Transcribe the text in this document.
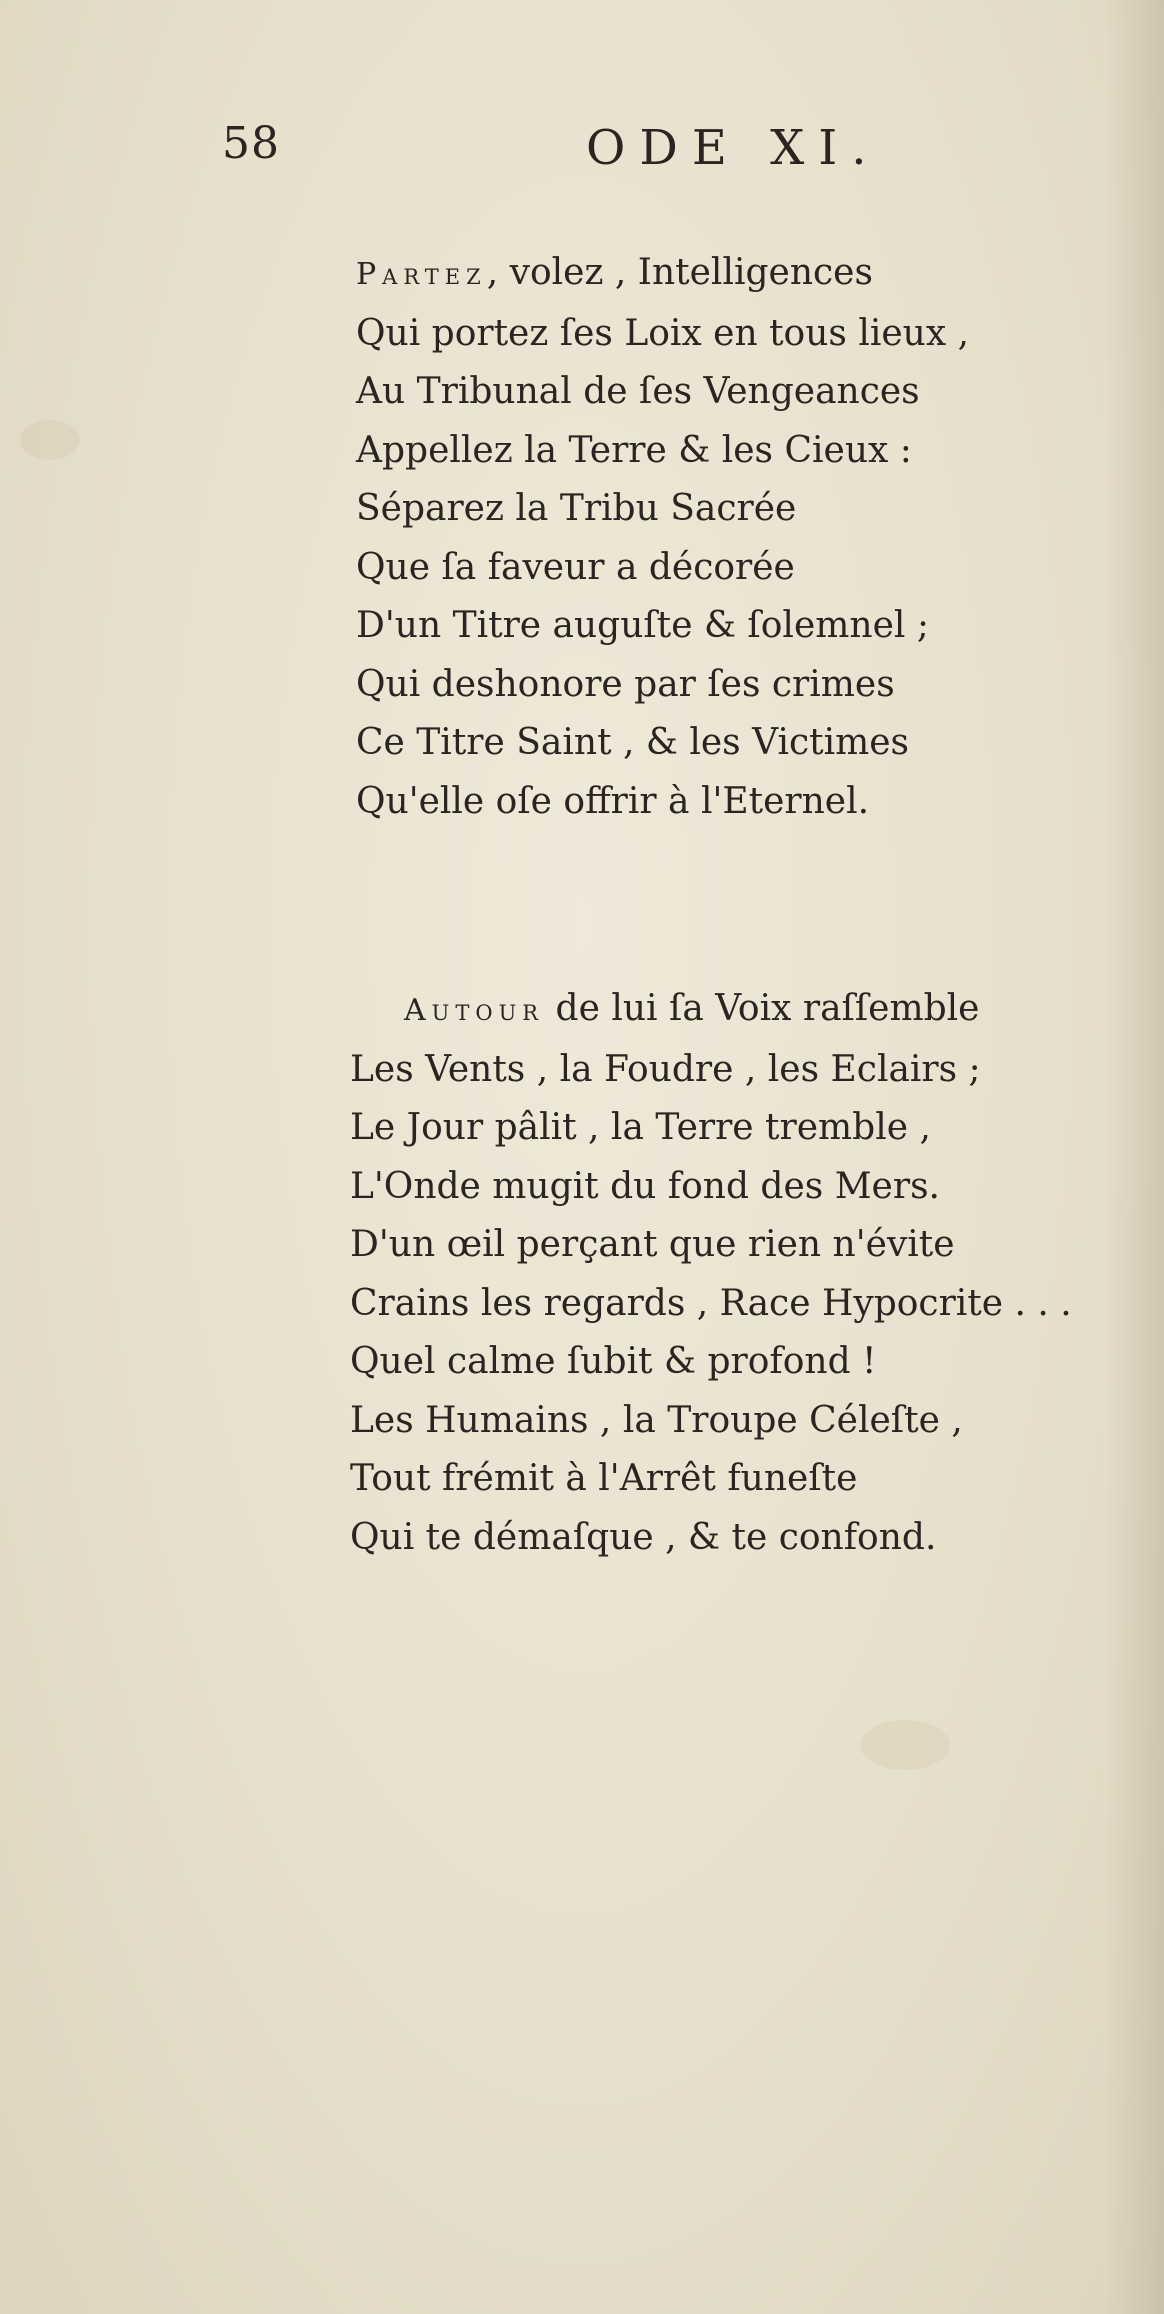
58	ODE XI.
Partez, volez , Intelligences
Qui portez ſes Loix en tous lieux ,
Au Tribunal de ſes Vengeances
Appellez la Terre & les Cieux :
Séparez la Tribu Sacrée
Que ſa faveur a décorée
D'un Titre auguſte & ſolemnel ;
Qui deshonore par ſes crimes
Ce Titre Saint , & les Victimes
Qu'elle oſe offrir à l'Eternel.
Autour de lui ſa Voix raſſemble
Les Vents , la Foudre , les Eclairs ;
Le Jour pâlit , la Terre tremble ,
L'Onde mugit du fond des Mers.
D'un œil perçant que rien n'évite
Crains les regards , Race Hypocrite . . .
Quel calme ſubit & profond !
Les Humains , la Troupe Céleſte ,
Tout frémit à l'Arrêt funeſte
Qui te démaſque , & te confond.
